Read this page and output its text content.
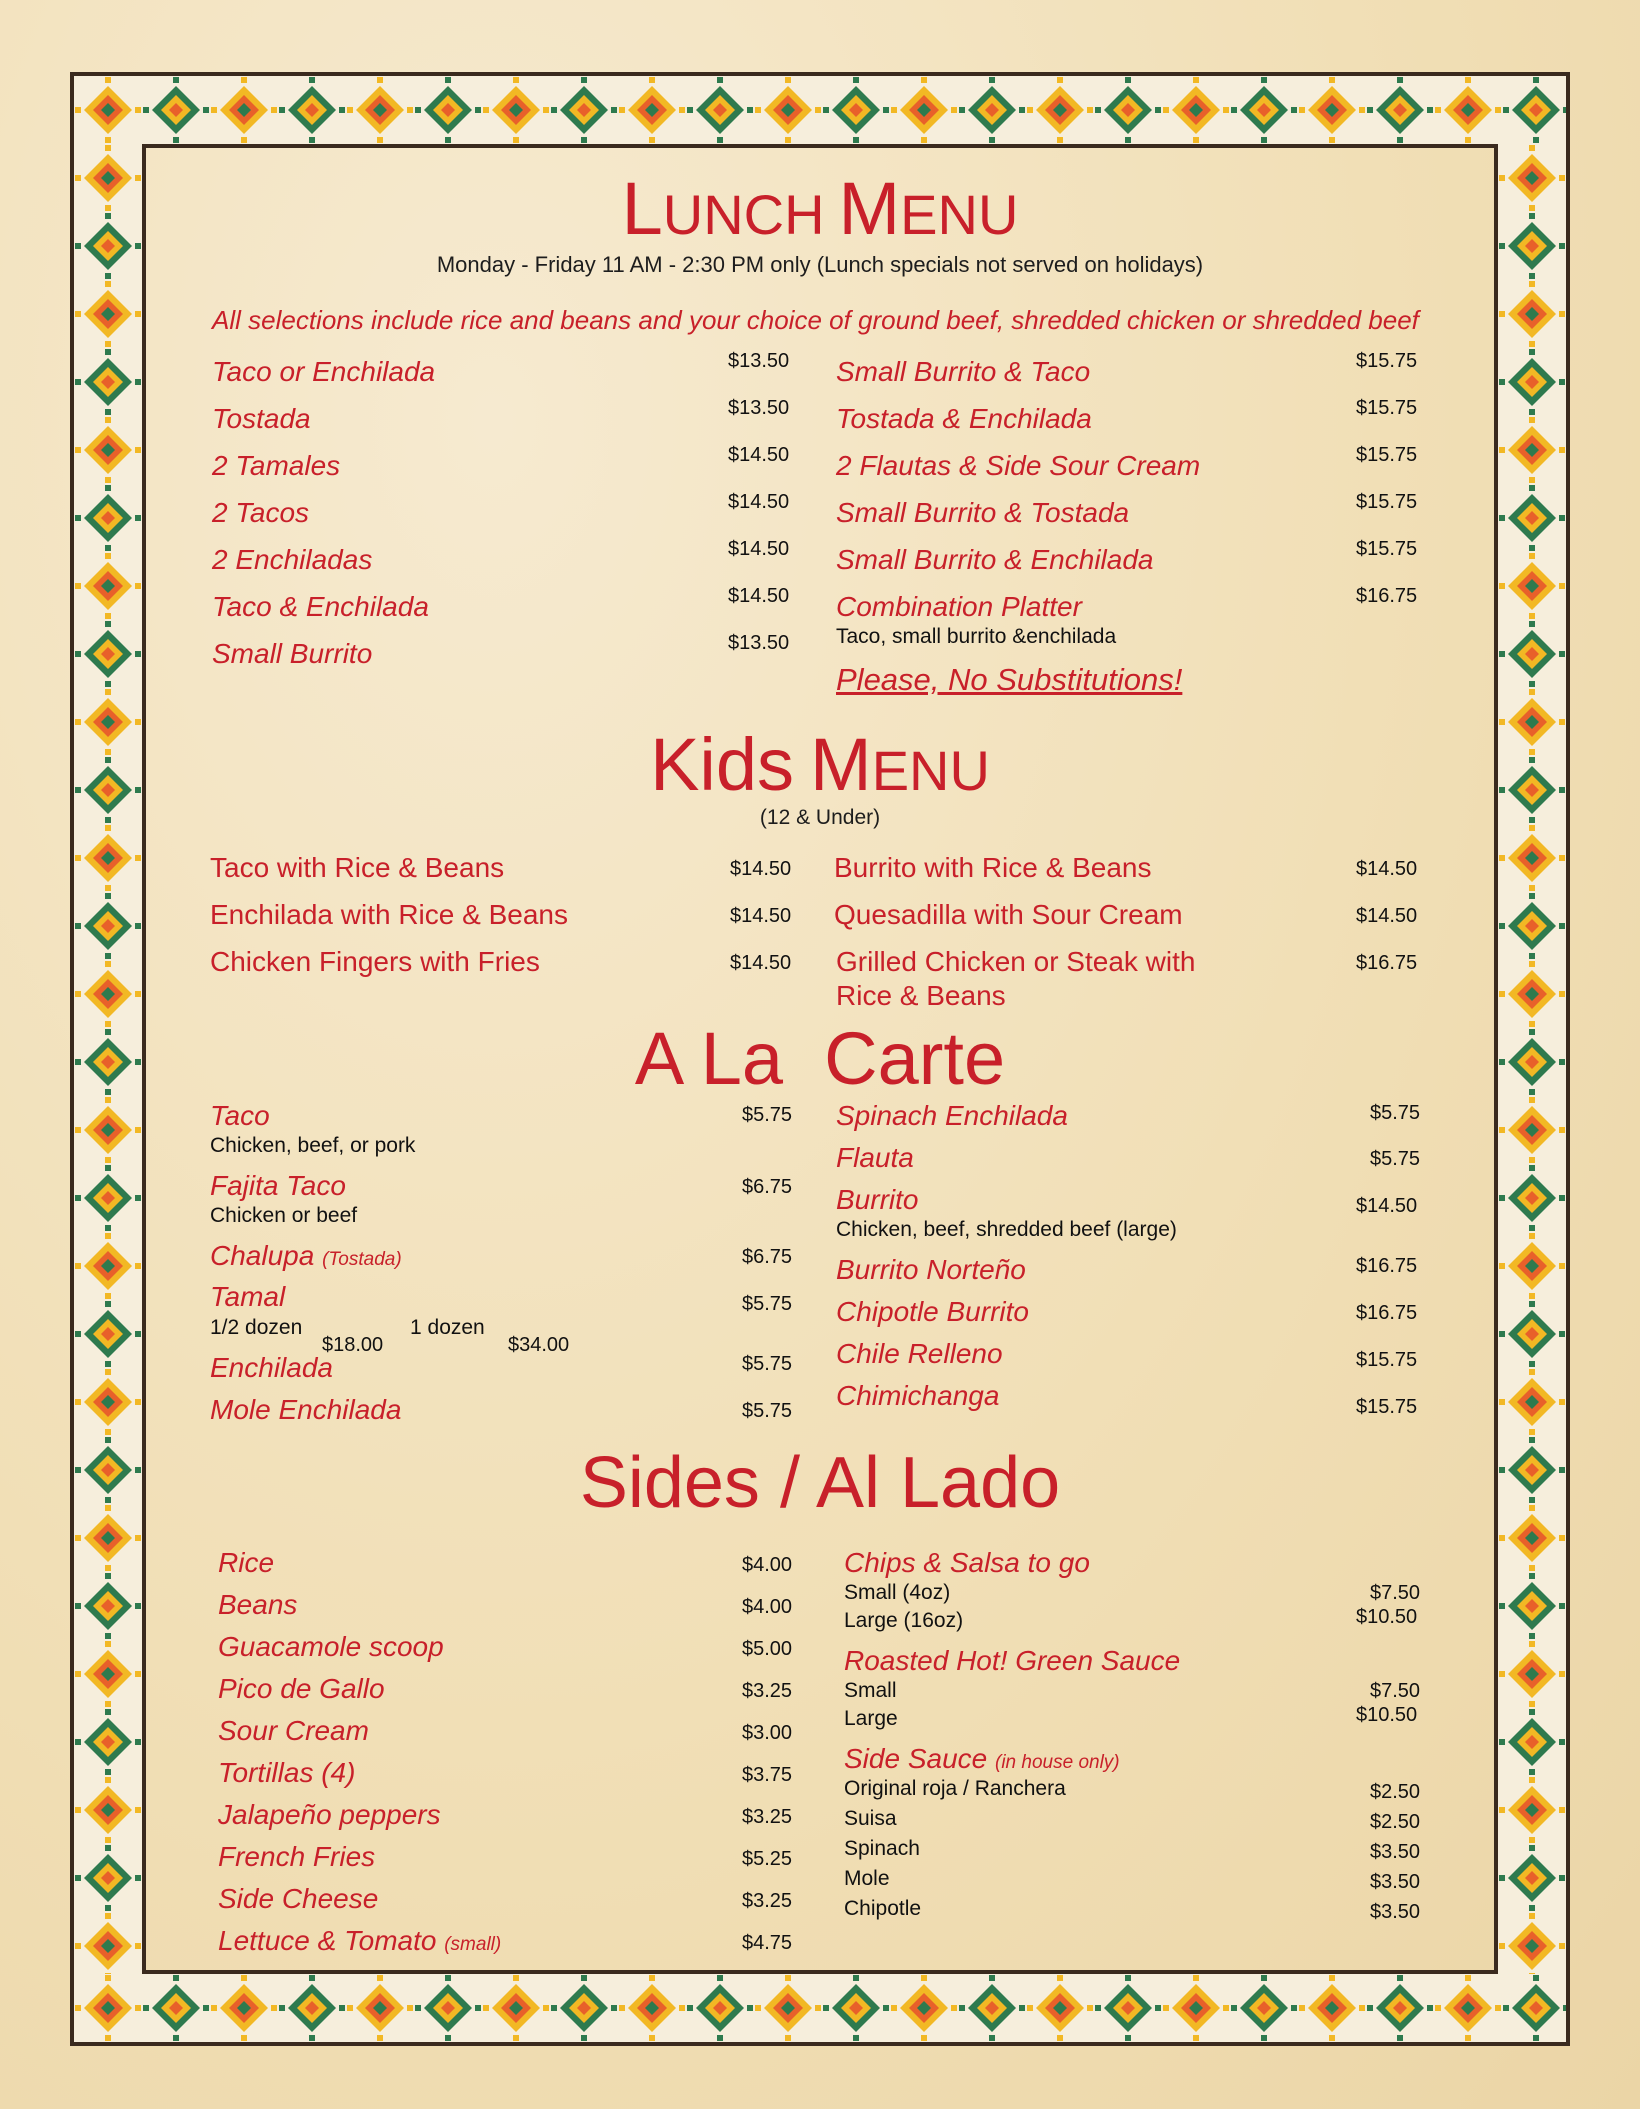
LUNCH MENU
Monday - Friday 11 AM - 2:30 PM only (Lunch specials not served on holidays)
All selections include rice and beans and your choice of ground beef, shredded chicken or shredded beef
Taco or Enchilada	$13.50
Tostada	$13.50
2 Tamales	$14.50
2 Tacos	$14.50
2 Enchiladas	$14.50
Taco & Enchilada	$14.50
Small Burrito	$13.50
Small Burrito & Taco	$15.75
Tostada & Enchilada	$15.75
2 Flautas & Side Sour Cream	$15.75
Small Burrito & Tostada	$15.75
Small Burrito & Enchilada	$15.75
Combination Platter	$16.75
Taco, small burrito &enchilada
Please, No Substitutions!
Kids MENU
(12 & Under)
Taco with Rice & Beans	$14.50
Enchilada with Rice & Beans	$14.50
Chicken Fingers with Fries	$14.50
Burrito with Rice & Beans	$14.50
Quesadilla with Sour Cream	$14.50
Grilled Chicken or Steak with
Rice & Beans
$16.75
A La  Carte
Taco	$5.75
Chicken, beef, or pork
Fajita Taco	$6.75
Chicken or beef
Chalupa (Tostada)	$6.75
Tamal	$5.75
1/2 dozen
$18.00
1 dozen
$34.00
Enchilada	$5.75
Mole Enchilada	$5.75
Spinach Enchilada	$5.75
Flauta	$5.75
Burrito	$14.50
Chicken, beef, shredded beef (large)
Burrito Norteño	$16.75
Chipotle Burrito	$16.75
Chile Relleno	$15.75
Chimichanga	$15.75
Sides / Al Lado
Rice	$4.00
Beans	$4.00
Guacamole scoop	$5.00
Pico de Gallo	$3.25
Sour Cream	$3.00
Tortillas (4)	$3.75
Jalapeño peppers	$3.25
French Fries	$5.25
Side Cheese	$3.25
Lettuce & Tomato (small)	$4.75
Chips & Salsa to go
Small (4oz)	$7.50
Large (16oz)	$10.50
Roasted Hot! Green Sauce
Small	$7.50
Large	$10.50
Side Sauce (in house only)
Original roja / Ranchera	$2.50
Suisa	$2.50
Spinach	$3.50
Mole	$3.50
Chipotle	$3.50
